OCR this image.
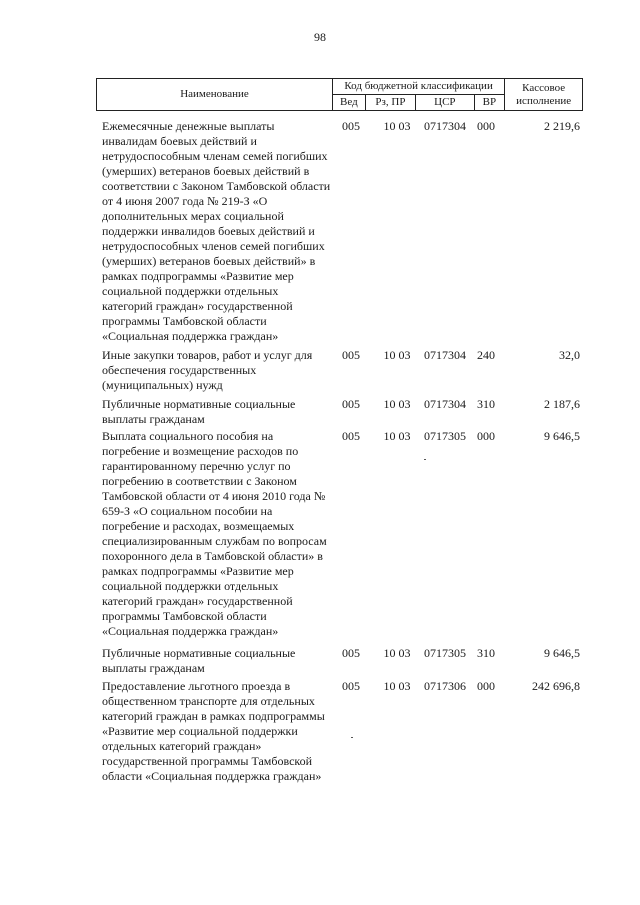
98
Наименование	Код бюджетной классификации				Кассовое исполнение
	Вед	Рз, ПР	ЦСР	ВР	
Ежемесячные денежные выплаты инвалидам боевых действий и нетрудоспособным членам семей погибших (умерших) ветеранов боевых действий в соответствии с Законом Тамбовской области от 4 июня 2007 года № 219-З «О дополнительных мерах социальной поддержки инвалидов боевых действий и нетрудоспособных членов семей погибших (умерших) ветеранов боевых действий» в рамках подпрограммы «Развитие мер социальной поддержки отдельных категорий граждан» государственной программы Тамбовской области «Социальная поддержка граждан»
005	10 03	0717304 000	2 219,6
Иные закупки товаров, работ и услуг для обеспечения государственных (муниципальных) нужд
005	10 03	0717304 240	32,0
Публичные нормативные социальные выплаты гражданам
005	10 03	0717304 310	2 187,6
Выплата социального пособия на погребение и возмещение расходов по гарантированному перечню услуг по погребению в соответствии с Законом Тамбовской области от 4 июня 2010 года № 659-З «О социальном пособии на погребение и расходах, возмещаемых специализированным службам по вопросам похоронного дела в Тамбовской области» в рамках подпрограммы «Развитие мер социальной поддержки отдельных категорий граждан» государственной программы Тамбовской области «Социальная поддержка граждан»
005	10 03	0717305 000	9 646,5
Публичные нормативные социальные выплаты гражданам
005	10 03	0717305 310	9 646,5
Предоставление льготного проезда в общественном транспорте для отдельных категорий граждан в рамках подпрограммы «Развитие мер социальной поддержки отдельных категорий граждан» государственной программы Тамбовской области «Социальная поддержка граждан»
005	10 03	0717306 000	242 696,8
